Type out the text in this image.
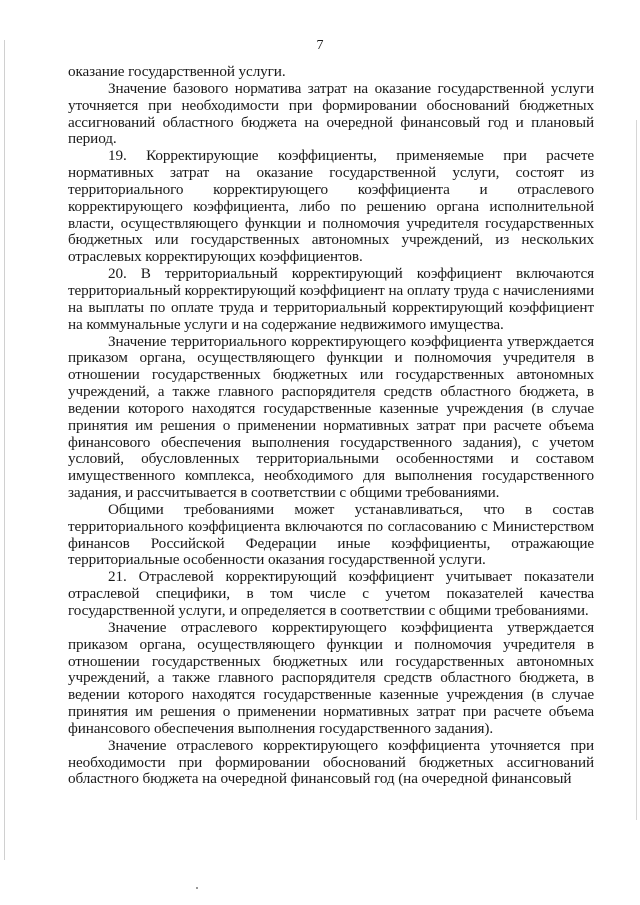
7

оказание государственной услуги.

Значение базового норматива затрат на оказание государственной услуги уточняется при необходимости при формировании обоснований бюджетных ассигнований областного бюджета на очередной финансовый год и плановый период.

19. Корректирующие коэффициенты, применяемые при расчете нормативных затрат на оказание государственной услуги, состоят из территориального корректирующего коэффициента и отраслевого корректирующего коэффициента, либо по решению органа исполнительной власти, осуществляющего функции и полномочия учредителя государственных бюджетных или государственных автономных учреждений, из нескольких отраслевых корректирующих коэффициентов.

20. В территориальный корректирующий коэффициент включаются территориальный корректирующий коэффициент на оплату труда с начислениями на выплаты по оплате труда и территориальный корректирующий коэффициент на коммунальные услуги и на содержание недвижимого имущества.

Значение территориального корректирующего коэффициента утверждается приказом органа, осуществляющего функции и полномочия учредителя в отношении государственных бюджетных или государственных автономных учреждений, а также главного распорядителя средств областного бюджета, в ведении которого находятся государственные казенные учреждения (в случае принятия им решения о применении нормативных затрат при расчете объема финансового обеспечения выполнения государственного задания), с учетом условий, обусловленных территориальными особенностями и составом имущественного комплекса, необходимого для выполнения государственного задания, и рассчитывается в соответствии с общими требованиями.

Общими требованиями может устанавливаться, что в состав территориального коэффициента включаются по согласованию с Министерством финансов Российской Федерации иные коэффициенты, отражающие территориальные особенности оказания государственной услуги.

21. Отраслевой корректирующий коэффициент учитывает показатели отраслевой специфики, в том числе с учетом показателей качества государственной услуги, и определяется в соответствии с общими требованиями.

Значение отраслевого корректирующего коэффициента утверждается приказом органа, осуществляющего функции и полномочия учредителя в отношении государственных бюджетных или государственных автономных учреждений, а также главного распорядителя средств областного бюджета, в ведении которого находятся государственные казенные учреждения (в случае принятия им решения о применении нормативных затрат при расчете объема финансового обеспечения выполнения государственного задания).

Значение отраслевого корректирующего коэффициента уточняется при необходимости при формировании обоснований бюджетных ассигнований областного бюджета на очередной финансовый год (на очередной финансовый
